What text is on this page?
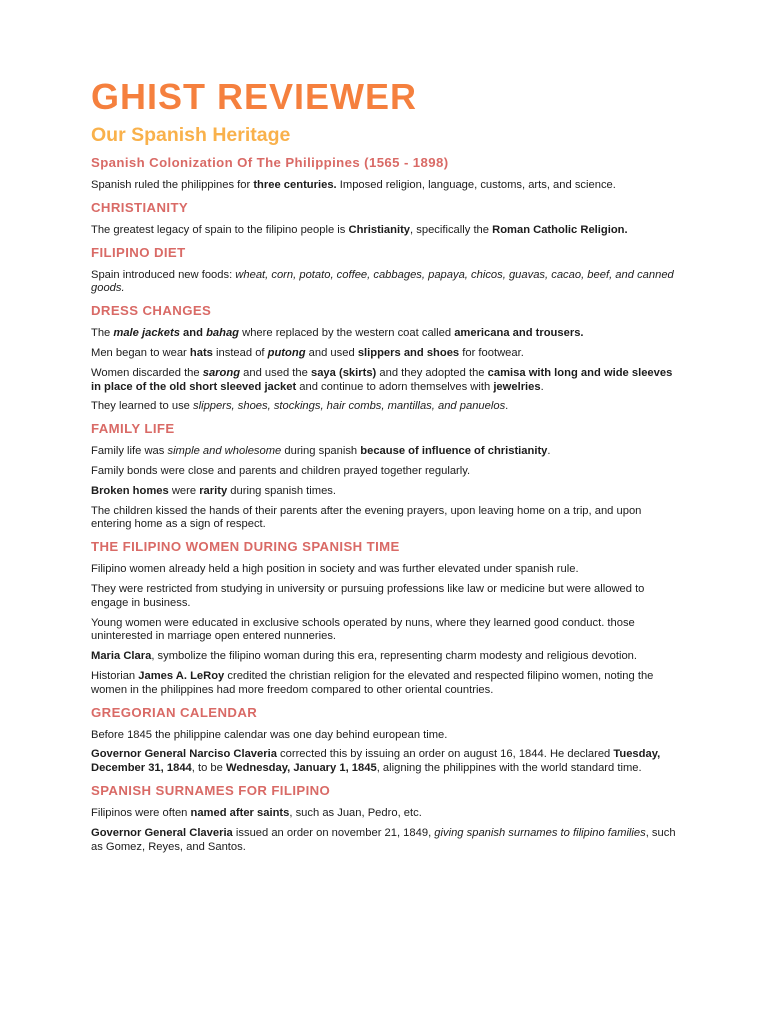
GHIST REVIEWER
Our Spanish Heritage
Spanish Colonization Of The Philippines (1565 - 1898)

Spanish ruled the philippines for three centuries. Imposed religion, language, customs, arts, and science.

CHRISTIANITY

The greatest legacy of spain to the filipino people is Christianity, specifically the Roman Catholic Religion.

FILIPINO DIET

Spain introduced new foods: wheat, corn, potato, coffee, cabbages, papaya, chicos, guavas, cacao, beef, and canned goods.

DRESS CHANGES

The male jackets and bahag where replaced by the western coat called americana and trousers.

Men began to wear hats instead of putong and used slippers and shoes for footwear.

Women discarded the sarong and used the saya (skirts) and they adopted the camisa with long and wide sleeves in place of the old short sleeved jacket and continue to adorn themselves with jewelries.

They learned to use slippers, shoes, stockings, hair combs, mantillas, and panuelos.

FAMILY LIFE

Family life was simple and wholesome during spanish because of influence of christianity.

Family bonds were close and parents and children prayed together regularly.

Broken homes were rarity during spanish times.

The children kissed the hands of their parents after the evening prayers, upon leaving home on a trip, and upon entering home as a sign of respect.

THE FILIPINO WOMEN DURING SPANISH TIME

Filipino women already held a high position in society and was further elevated under spanish rule.

They were restricted from studying in university or pursuing professions like law or medicine but were allowed to engage in business.

Young women were educated in exclusive schools operated by nuns, where they learned good conduct. those uninterested in marriage open entered nunneries.

Maria Clara, symbolize the filipino woman during this era, representing charm modesty and religious devotion.

Historian James A. LeRoy credited the christian religion for the elevated and respected filipino women, noting the women in the philippines had more freedom compared to other oriental countries.

GREGORIAN CALENDAR

Before 1845 the philippine calendar was one day behind european time.

Governor General Narciso Claveria corrected this by issuing an order on august 16, 1844. He declared Tuesday, December 31, 1844, to be Wednesday, January 1, 1845, aligning the philippines with the world standard time.

SPANISH SURNAMES FOR FILIPINO

Filipinos were often named after saints, such as Juan, Pedro, etc.

Governor General Claveria issued an order on november 21, 1849, giving spanish surnames to filipino families, such as Gomez, Reyes, and Santos.
